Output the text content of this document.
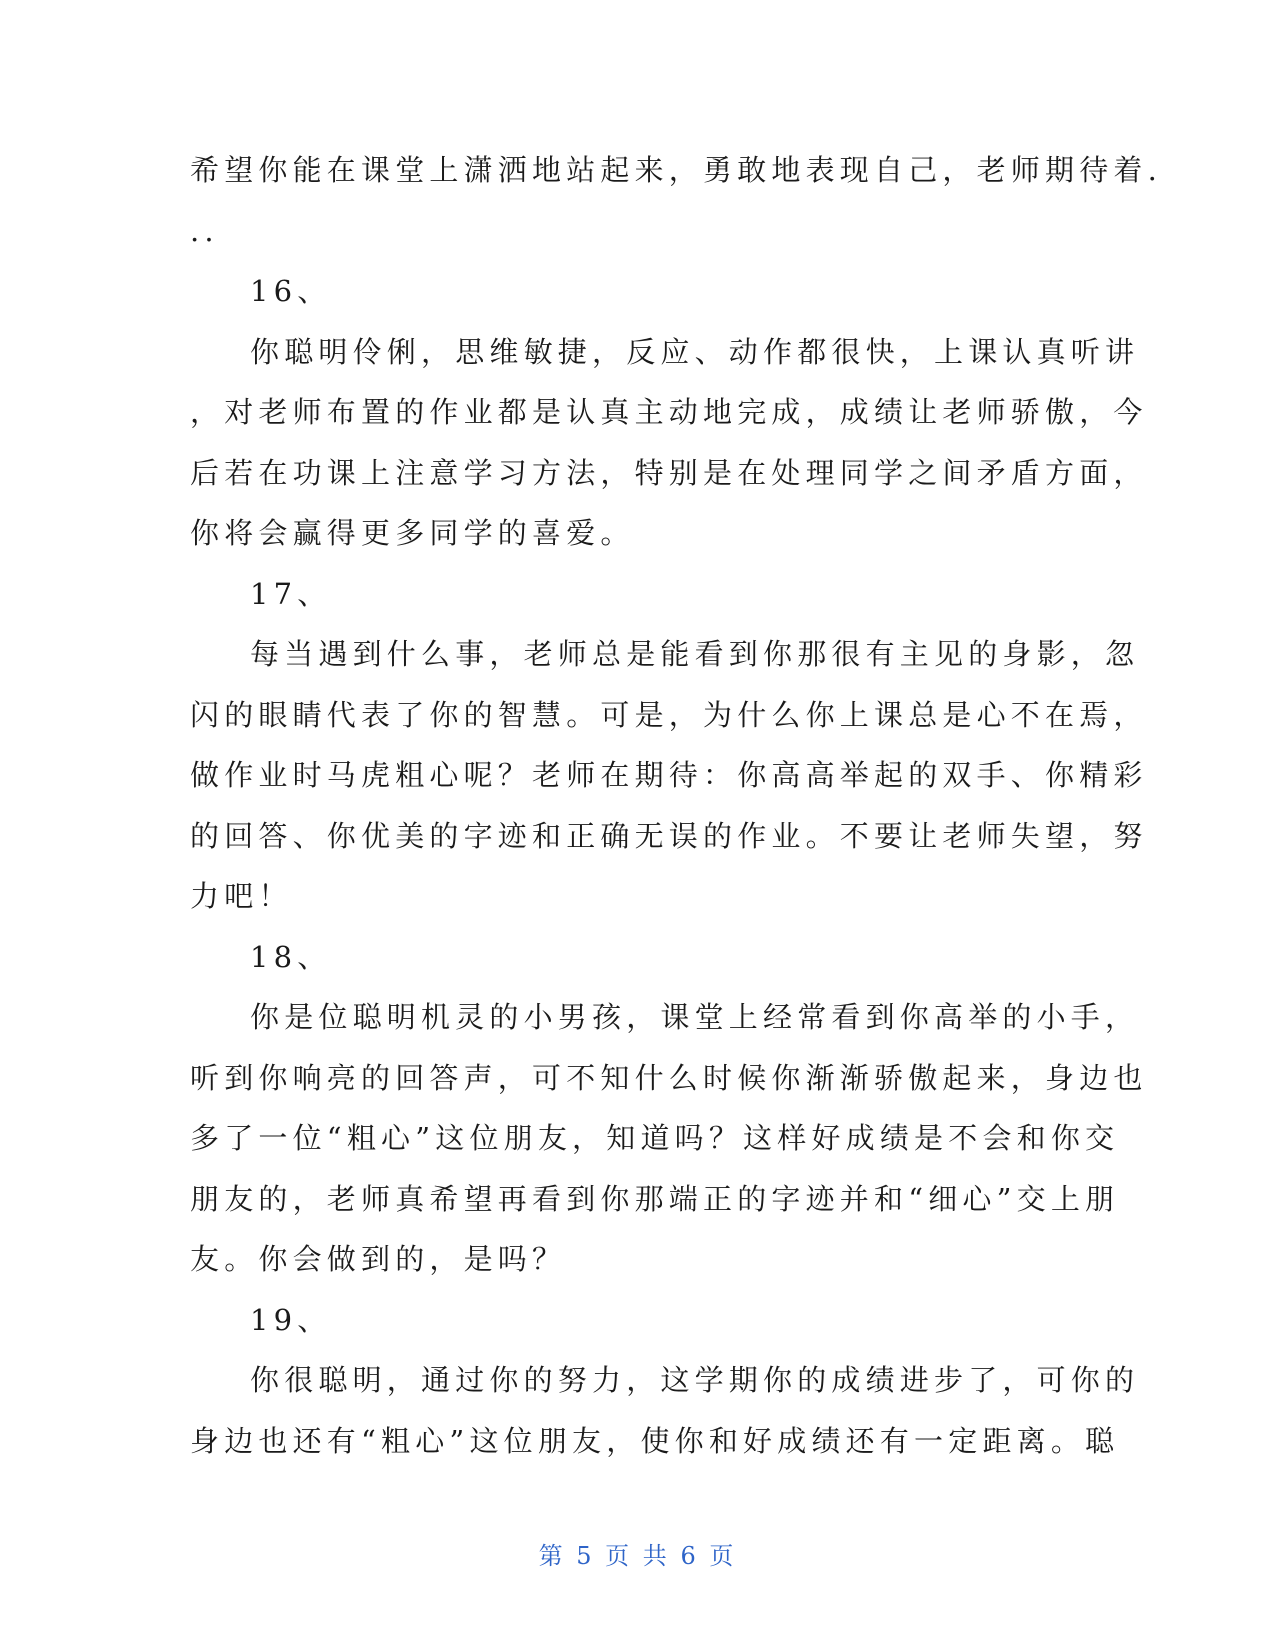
希望你能在课堂上潇洒地站起来，勇敢地表现自己，老师期待着.
..
16、
你聪明伶俐，思维敏捷，反应、动作都很快，上课认真听讲
，对老师布置的作业都是认真主动地完成，成绩让老师骄傲，今
后若在功课上注意学习方法，特别是在处理同学之间矛盾方面，
你将会赢得更多同学的喜爱。
17、
每当遇到什么事，老师总是能看到你那很有主见的身影，忽
闪的眼睛代表了你的智慧。可是，为什么你上课总是心不在焉，
做作业时马虎粗心呢？老师在期待：你高高举起的双手、你精彩
的回答、你优美的字迹和正确无误的作业。不要让老师失望，努
力吧！
18、
你是位聪明机灵的小男孩，课堂上经常看到你高举的小手，
听到你响亮的回答声，可不知什么时候你渐渐骄傲起来，身边也
多了一位“粗心”这位朋友，知道吗？这样好成绩是不会和你交
朋友的，老师真希望再看到你那端正的字迹并和“细心”交上朋
友。你会做到的，是吗？
19、
你很聪明，通过你的努力，这学期你的成绩进步了，可你的
身边也还有“粗心”这位朋友，使你和好成绩还有一定距离。聪
第 5 页 共 6 页
